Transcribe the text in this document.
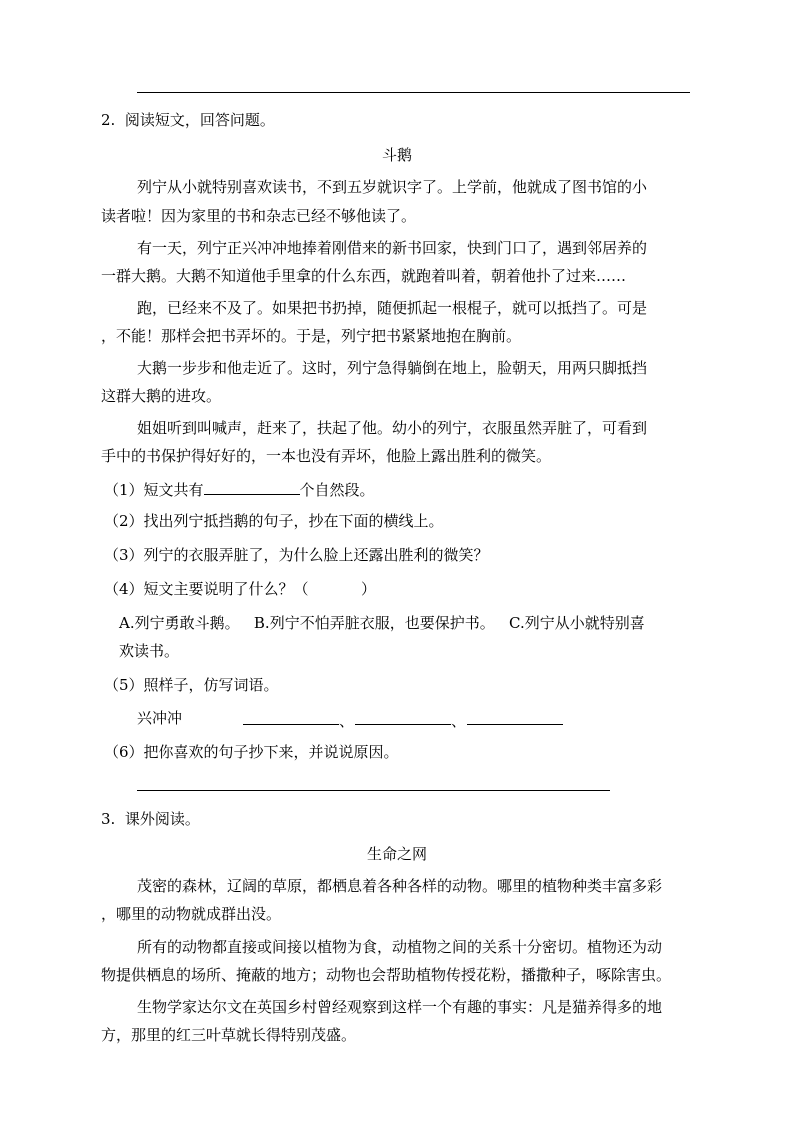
2.  阅读短文，回答问题。
斗鹅
列宁从小就特别喜欢读书，不到五岁就识字了。上学前，他就成了图书馆的小
读者啦！因为家里的书和杂志已经不够他读了。
有一天，列宁正兴冲冲地捧着刚借来的新书回家，快到门口了，遇到邻居养的
一群大鹅。大鹅不知道他手里拿的什么东西，就跑着叫着，朝着他扑了过来……
跑，已经来不及了。如果把书扔掉，随便抓起一根棍子，就可以抵挡了。可是
，不能！那样会把书弄坏的。于是，列宁把书紧紧地抱在胸前。
大鹅一步步和他走近了。这时，列宁急得躺倒在地上，脸朝天，用两只脚抵挡
这群大鹅的进攻。
姐姐听到叫喊声，赶来了，扶起了他。幼小的列宁，衣服虽然弄脏了，可看到
手中的书保护得好好的，一本也没有弄坏，他脸上露出胜利的微笑。
（1）短文共有	个自然段。
（2）找出列宁抵挡鹅的句子，抄在下面的横线上。
（3）列宁的衣服弄脏了，为什么脸上还露出胜利的微笑？
（4）短文主要说明了什么？（           ）
A.列宁勇敢斗鹅。   B.列宁不怕弄脏衣服，也要保护书。   C.列宁从小就特别喜
欢读书。
（5）照样子，仿写词语。
兴冲冲	、	、
（6）把你喜欢的句子抄下来，并说说原因。
3.  课外阅读。
生命之网
茂密的森林，辽阔的草原，都栖息着各种各样的动物。哪里的植物种类丰富多彩
，哪里的动物就成群出没。
所有的动物都直接或间接以植物为食，动植物之间的关系十分密切。植物还为动
物提供栖息的场所、掩蔽的地方；动物也会帮助植物传授花粉，播撒种子，啄除害虫。
生物学家达尔文在英国乡村曾经观察到这样一个有趣的事实：凡是猫养得多的地
方，那里的红三叶草就长得特别茂盛。
